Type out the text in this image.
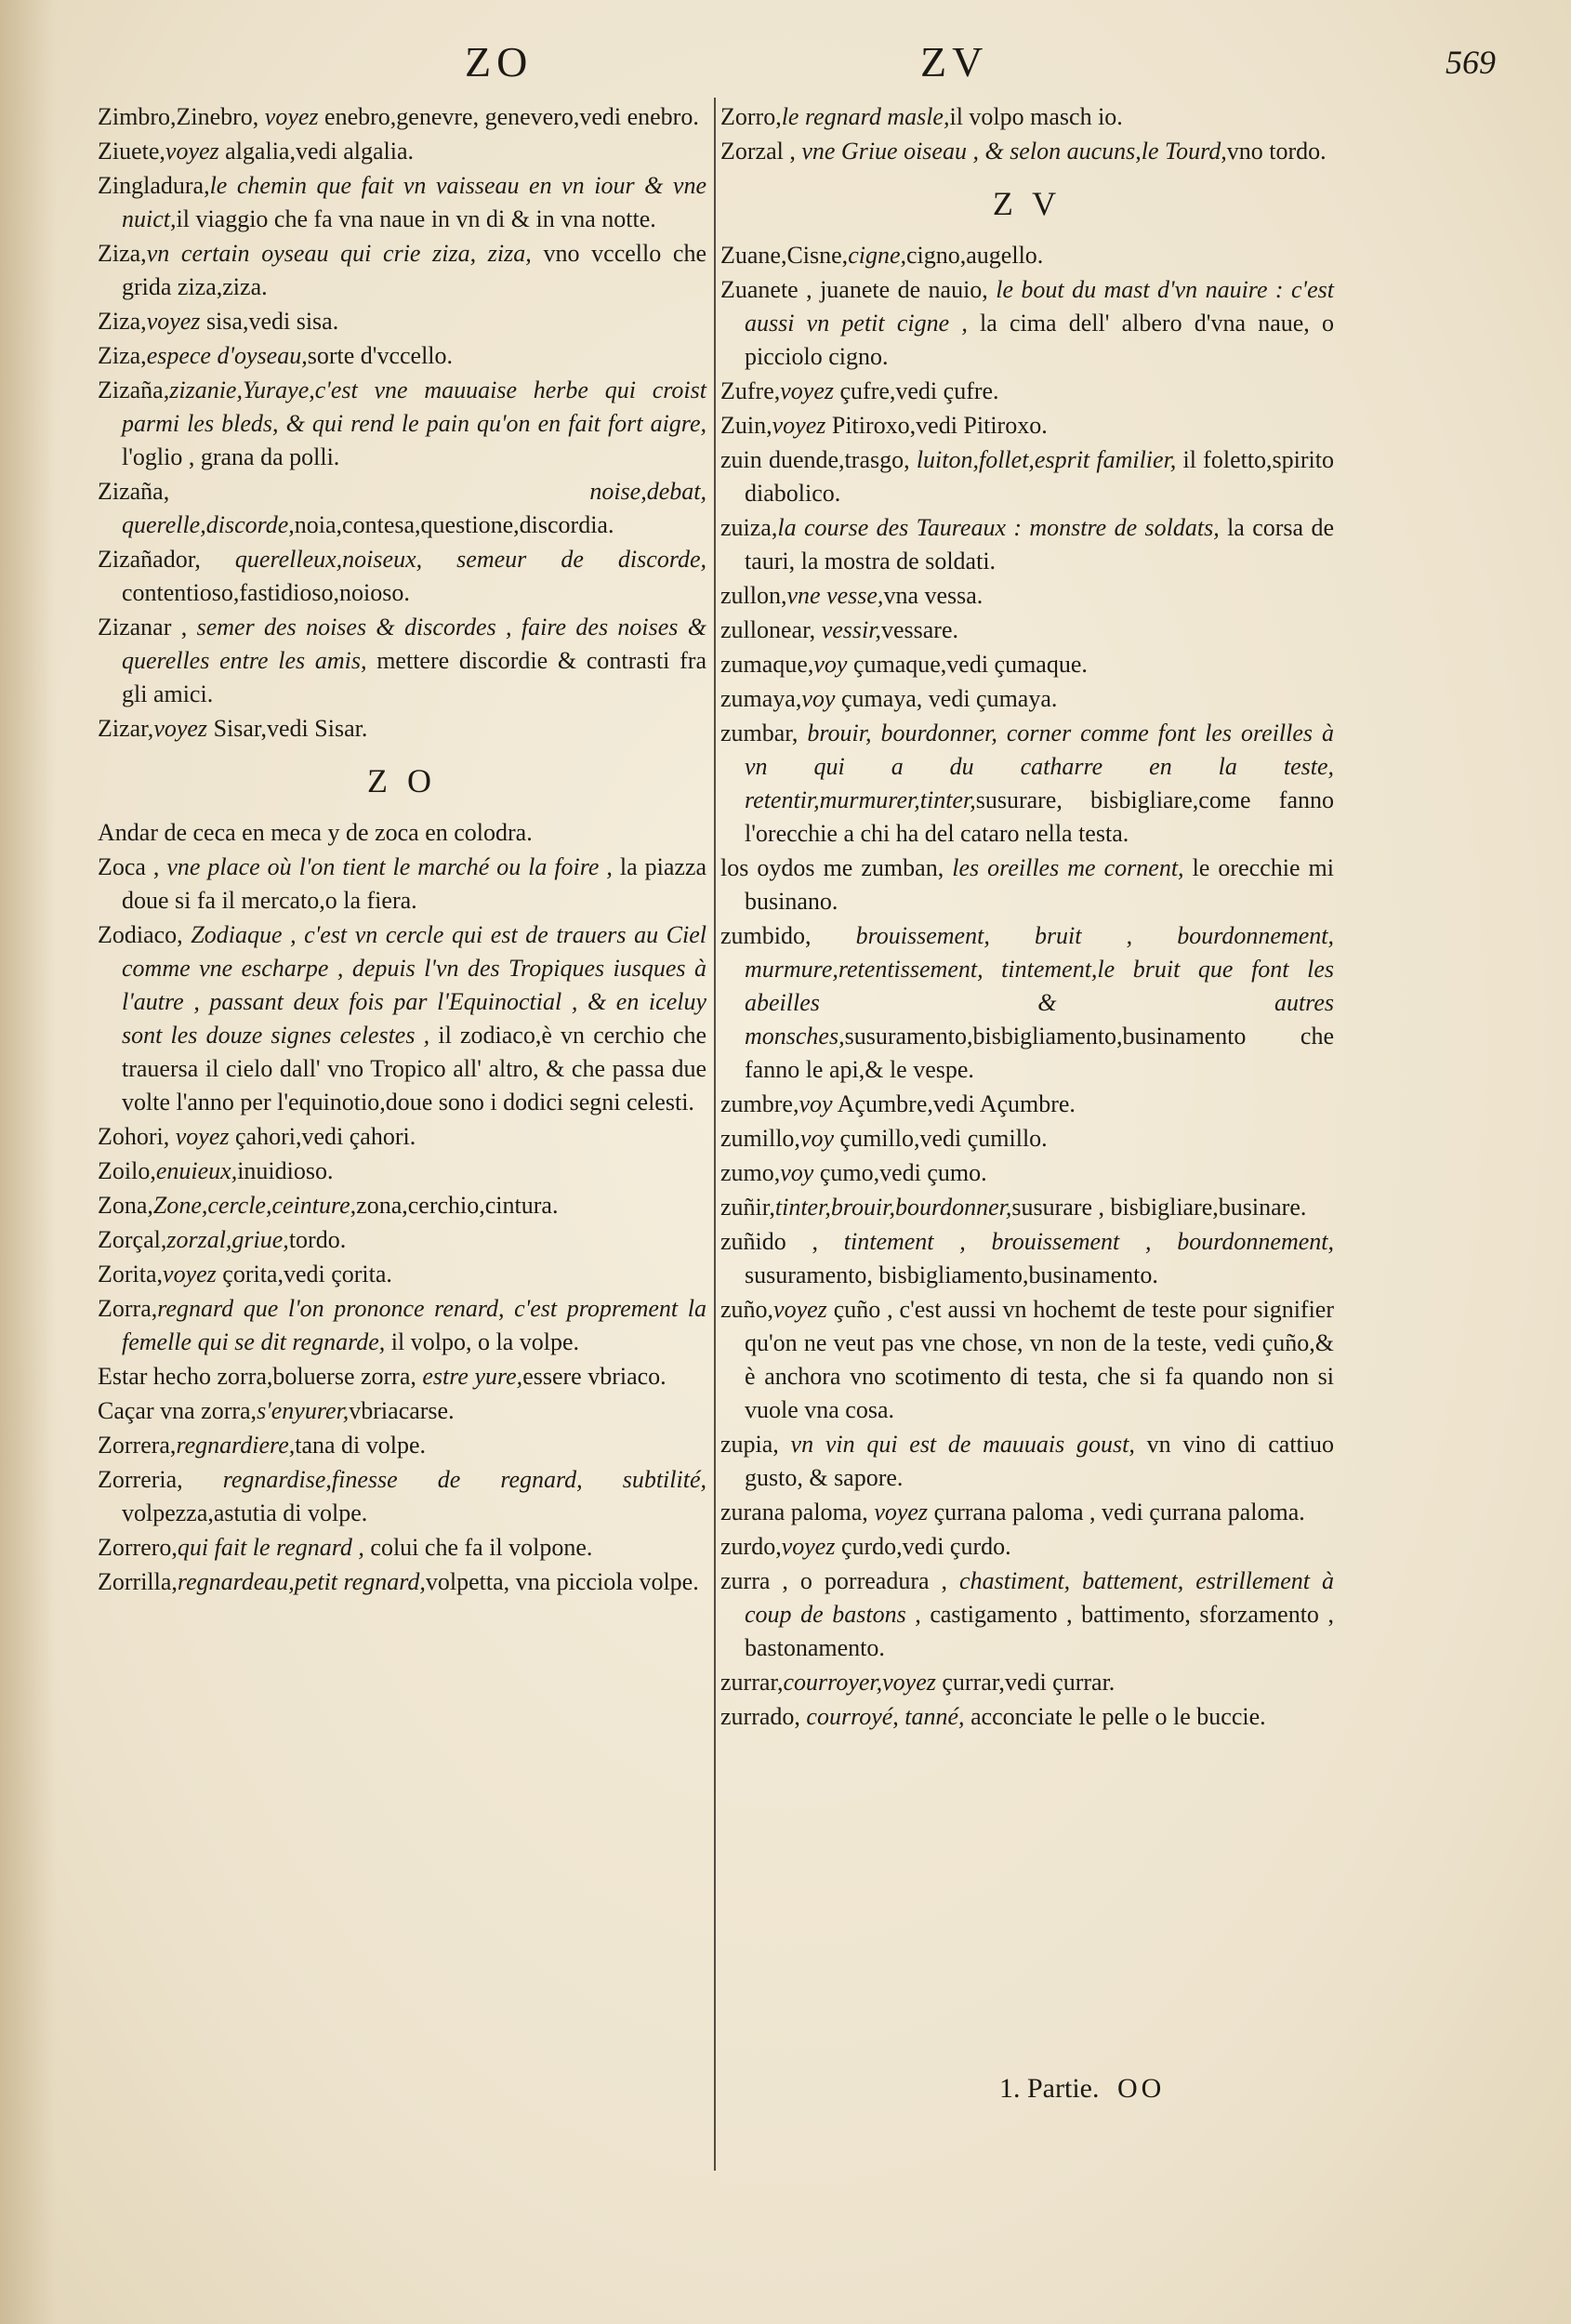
ZO	ZV	569
Zimbro,Zinebro, voyez enebro,genevre, genevero,vedi enebro.
Ziuete,voyez algalia,vedi algalia.
Zingladura,le chemin que fait vn vaisseau en vn iour & vne nuict,il viaggio che fa vna naue in vn di & in vna notte.
Ziza,vn certain oyseau qui crie ziza, ziza, vno vccello che grida ziza,ziza.
Ziza,voyez sisa,vedi sisa.
Ziza,espece d'oyseau,sorte d'vccello.
Zizaña,zizanie,Yuraye,c'est vne mauuaise herbe qui croist parmi les bleds, & qui rend le pain qu'on en fait fort aigre, l'oglio , grana da polli.
Zizaña, noise,debat, querelle,discorde,noia,contesa,questione,discordia.
Zizañador, querelleux,noiseux, semeur de discorde, contentioso,fastidioso,noioso.
Zizanar , semer des noises & discordes , faire des noises & querelles entre les amis, mettere discordie & contrasti fra gli amici.
Zizar,voyez Sisar,vedi Sisar.
Z O
Andar de ceca en meca y de zoca en colodra.
Zoca , vne place où l'on tient le marché ou la foire , la piazza doue si fa il mercato,o la fiera.
Zodiaco, Zodiaque , c'est vn cercle qui est de trauers au Ciel comme vne escharpe , depuis l'vn des Tropiques iusques à l'autre , passant deux fois par l'Equinoctial , & en iceluy sont les douze signes celestes , il zodiaco,è vn cerchio che trauersa il cielo dall' vno Tropico all' altro, & che passa due volte l'anno per l'equinotio,doue sono i dodici segni celesti.
Zohori, voyez çahori,vedi çahori.
Zoilo,enuieux,inuidioso.
Zona,Zone,cercle,ceinture,zona,cerchio,cintura.
Zorçal,zorzal,griue,tordo.
Zorita,voyez çorita,vedi çorita.
Zorra,regnard que l'on prononce renard, c'est proprement la femelle qui se dit regnarde, il volpo, o la volpe.
Estar hecho zorra,boluerse zorra, estre yure,essere vbriaco.
Caçar vna zorra,s'enyurer,vbriacarse.
Zorrera,regnardiere,tana di volpe.
Zorreria, regnardise,finesse de regnard, subtilité, volpezza,astutia di volpe.
Zorrero,qui fait le regnard , colui che fa il volpone.
Zorrilla,regnardeau,petit regnard,volpetta, vna picciola volpe.
Zorro,le regnard masle,il volpo masch io.
Zorzal , vne Griue oiseau , & selon aucuns,le Tourd,vno tordo.
Z V
Zuane,Cisne,cigne,cigno,augello.
Zuanete , juanete de nauio, le bout du mast d'vn nauire : c'est aussi vn petit cigne , la cima dell' albero d'vna naue, o picciolo cigno.
Zufre,voyez çufre,vedi çufre.
Zuin,voyez Pitiroxo,vedi Pitiroxo.
zuin duende,trasgo, luiton,follet,esprit familier, il foletto,spirito diabolico.
zuiza,la course des Taureaux : monstre de soldats, la corsa de tauri, la mostra de soldati.
zullon,vne vesse,vna vessa.
zullonear, vessir,vessare.
zumaque,voy çumaque,vedi çumaque.
zumaya,voy çumaya, vedi çumaya.
zumbar, brouir, bourdonner, corner comme font les oreilles à vn qui a du catharre en la teste, retentir,murmurer,tinter,susurare, bisbigliare,come fanno l'orecchie a chi ha del cataro nella testa.
los oydos me zumban, les oreilles me cornent, le orecchie mi businano.
zumbido, brouissement, bruit , bourdonnement, murmure,retentissement, tintement,le bruit que font les abeilles & autres monsches,susuramento,bisbigliamento,businamento che fanno le api,& le vespe.
zumbre,voy Açumbre,vedi Açumbre.
zumillo,voy çumillo,vedi çumillo.
zumo,voy çumo,vedi çumo.
zuñir,tinter,brouir,bourdonner,susurare , bisbigliare,businare.
zuñido , tintement , brouissement , bourdonnement, susuramento, bisbigliamento,businamento.
zuño,voyez çuño , c'est aussi vn hochemt de teste pour signifier qu'on ne veut pas vne chose, vn non de la teste, vedi çuño,& è anchora vno scotimento di testa, che si fa quando non si vuole vna cosa.
zupia, vn vin qui est de mauuais goust, vn vino di cattiuo gusto, & sapore.
zurana paloma, voyez çurrana paloma , vedi çurrana paloma.
zurdo,voyez çurdo,vedi çurdo.
zurra , o porreadura , chastiment, battement, estrillement à coup de bastons , castigamento , battimento, sforzamento , bastonamento.
zurrar,courroyer,voyez çurrar,vedi çurrar.
zurrado, courroyé, tanné, acconciate le pelle o le buccie.
1. Partie. OO
